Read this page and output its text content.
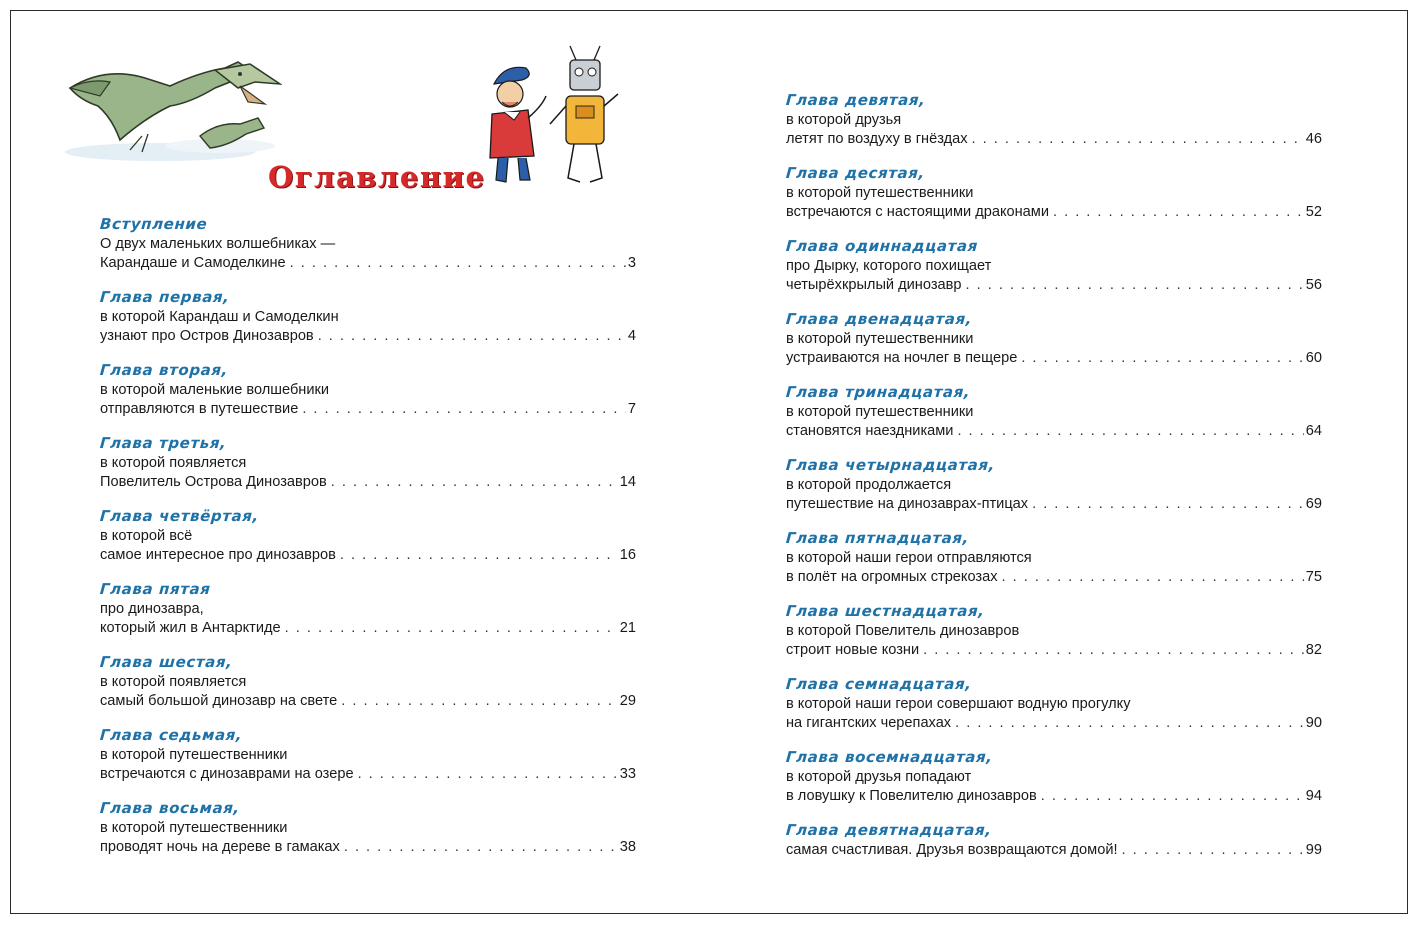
Оглавление
Вступление
О двух маленьких волшебниках —
Карандаше и Самоделкине . . .	3
Глава первая,
в которой Карандаш и Самоделкин
узнают про Остров Динозавров . . .	4
Глава вторая,
в которой маленькие волшебники
отправляются в путешествие . . .	7
Глава третья,
в которой появляется
Повелитель Острова Динозавров . . .	14
Глава четвёртая,
в которой всё
самое интересное про динозавров . . .	16
Глава пятая
про динозавра,
который жил в Антарктиде . . .	21
Глава шестая,
в которой появляется
самый большой динозавр на свете . . .	29
Глава седьмая,
в которой путешественники
встречаются с динозаврами на озере . . .	33
Глава восьмая,
в которой путешественники
проводят ночь на дереве в гамаках . . .	38
Глава девятая,
в которой друзья
летят по воздуху в гнёздах . . .	46
Глава десятая,
в которой путешественники
встречаются с настоящими драконами . . .	52
Глава одиннадцатая
про Дырку, которого похищает
четырёхкрылый динозавр . . .	56
Глава двенадцатая,
в которой путешественники
устраиваются на ночлег в пещере . . .	60
Глава тринадцатая,
в которой путешественники
становятся наездниками . . .	64
Глава четырнадцатая,
в которой продолжается
путешествие на динозаврах-птицах . . .	69
Глава пятнадцатая,
в которой наши герои отправляются
в полёт на огромных стрекозах . . .	75
Глава шестнадцатая,
в которой Повелитель динозавров
строит новые козни . . .	82
Глава семнадцатая,
в которой наши герои совершают водную прогулку
на гигантских черепахах . . .	90
Глава восемнадцатая,
в которой друзья попадают
в ловушку к Повелителю динозавров . . .	94
Глава девятнадцатая,
самая счастливая. Друзья возвращаются домой! . . .	99
